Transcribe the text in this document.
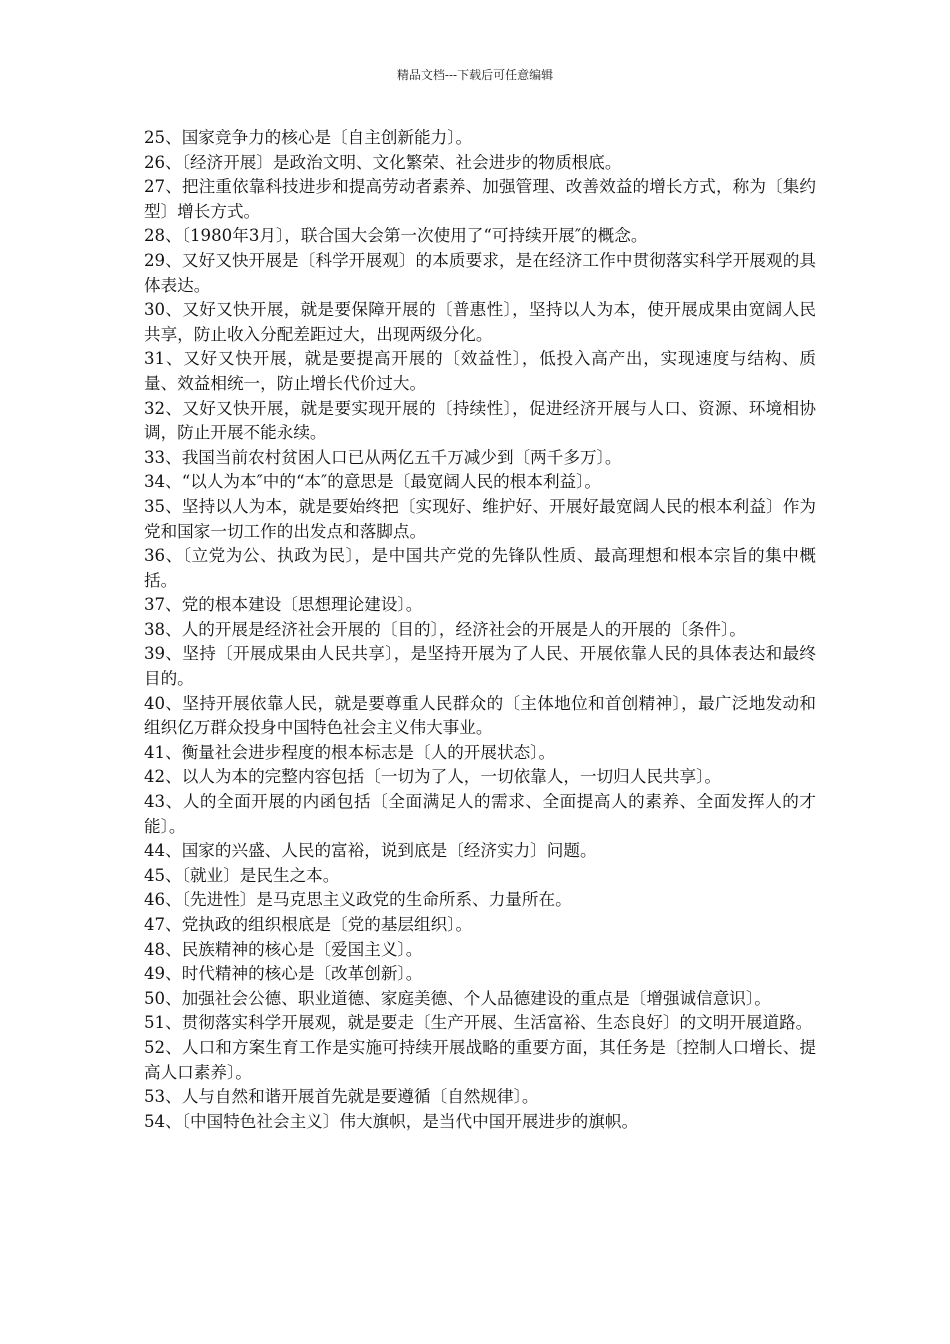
精品文档---下载后可任意编辑

25、国家竞争力的核心是〔自主创新能力〕。

26、〔经济开展〕是政治文明、文化繁荣、社会进步的物质根底。

27、把注重依靠科技进步和提高劳动者素养、加强管理、改善效益的增长方式，称为〔集约型〕增长方式。

28、〔1980年3月〕，联合国大会第一次使用了“可持续开展″的概念。

29、又好又快开展是〔科学开展观〕的本质要求，是在经济工作中贯彻落实科学开展观的具体表达。

30、又好又快开展，就是要保障开展的〔普惠性〕，坚持以人为本，使开展成果由宽阔人民共享，防止收入分配差距过大，出现两级分化。

31、又好又快开展，就是要提高开展的〔效益性〕，低投入高产出，实现速度与结构、质量、效益相统一，防止增长代价过大。

32、又好又快开展，就是要实现开展的〔持续性〕，促进经济开展与人口、资源、环境相协调，防止开展不能永续。

33、我国当前农村贫困人口已从两亿五千万减少到〔两千多万〕。

34、“以人为本″中的“本″的意思是〔最宽阔人民的根本利益〕。

35、坚持以人为本，就是要始终把〔实现好、维护好、开展好最宽阔人民的根本利益〕作为党和国家一切工作的出发点和落脚点。

36、〔立党为公、执政为民〕，是中国共产党的先锋队性质、最高理想和根本宗旨的集中概括。

37、党的根本建设〔思想理论建设〕。

38、人的开展是经济社会开展的〔目的〕，经济社会的开展是人的开展的〔条件〕。

39、坚持〔开展成果由人民共享〕，是坚持开展为了人民、开展依靠人民的具体表达和最终目的。

40、坚持开展依靠人民，就是要尊重人民群众的〔主体地位和首创精神〕，最广泛地发动和组织亿万群众投身中国特色社会主义伟大事业。

41、衡量社会进步程度的根本标志是〔人的开展状态〕。

42、以人为本的完整内容包括〔一切为了人，一切依靠人，一切归人民共享〕。

43、人的全面开展的内函包括〔全面满足人的需求、全面提高人的素养、全面发挥人的才能〕。

44、国家的兴盛、人民的富裕，说到底是〔经济实力〕问题。

45、〔就业〕是民生之本。

46、〔先进性〕是马克思主义政党的生命所系、力量所在。

47、党执政的组织根底是〔党的基层组织〕。

48、民族精神的核心是〔爱国主义〕。

49、时代精神的核心是〔改革创新〕。

50、加强社会公德、职业道德、家庭美德、个人品德建设的重点是〔增强诚信意识〕。

51、贯彻落实科学开展观，就是要走〔生产开展、生活富裕、生态良好〕的文明开展道路。

52、人口和方案生育工作是实施可持续开展战略的重要方面，其任务是〔控制人口增长、提高人口素养〕。

53、人与自然和谐开展首先就是要遵循〔自然规律〕。

54、〔中国特色社会主义〕伟大旗帜，是当代中国开展进步的旗帜。
